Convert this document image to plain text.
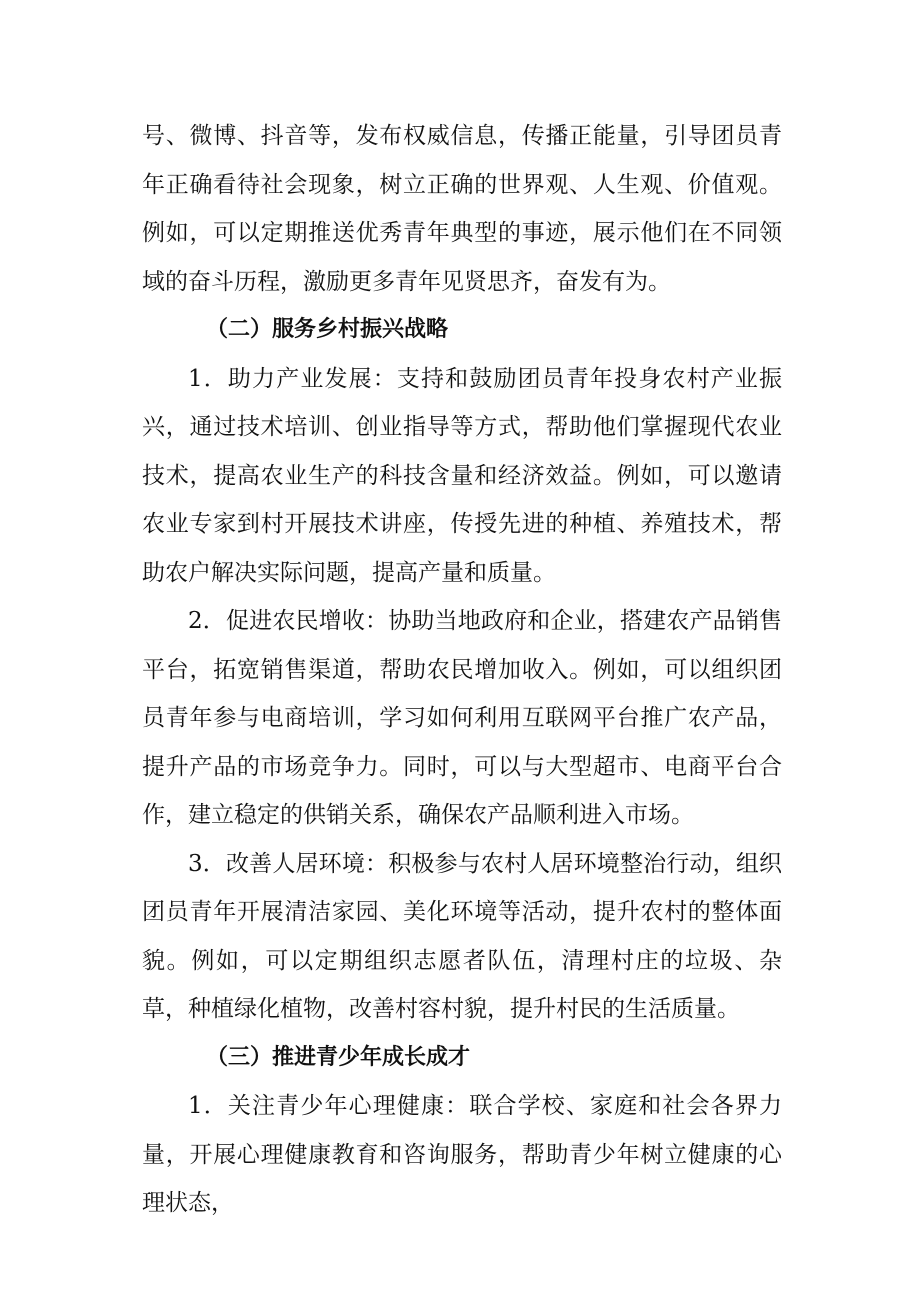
号、微博、抖音等，发布权威信息，传播正能量，引导团员青年正确看待社会现象，树立正确的世界观、人生观、价值观。例如，可以定期推送优秀青年典型的事迹，展示他们在不同领域的奋斗历程，激励更多青年见贤思齐，奋发有为。

（二）服务乡村振兴战略

1．助力产业发展：支持和鼓励团员青年投身农村产业振兴，通过技术培训、创业指导等方式，帮助他们掌握现代农业技术，提高农业生产的科技含量和经济效益。例如，可以邀请农业专家到村开展技术讲座，传授先进的种植、养殖技术，帮助农户解决实际问题，提高产量和质量。

2．促进农民增收：协助当地政府和企业，搭建农产品销售平台，拓宽销售渠道，帮助农民增加收入。例如，可以组织团员青年参与电商培训，学习如何利用互联网平台推广农产品，提升产品的市场竞争力。同时，可以与大型超市、电商平台合作，建立稳定的供销关系，确保农产品顺利进入市场。

3．改善人居环境：积极参与农村人居环境整治行动，组织团员青年开展清洁家园、美化环境等活动，提升农村的整体面貌。例如，可以定期组织志愿者队伍，清理村庄的垃圾、杂草，种植绿化植物，改善村容村貌，提升村民的生活质量。

（三）推进青少年成长成才

1．关注青少年心理健康：联合学校、家庭和社会各界力量，开展心理健康教育和咨询服务，帮助青少年树立健康的心理状态，
